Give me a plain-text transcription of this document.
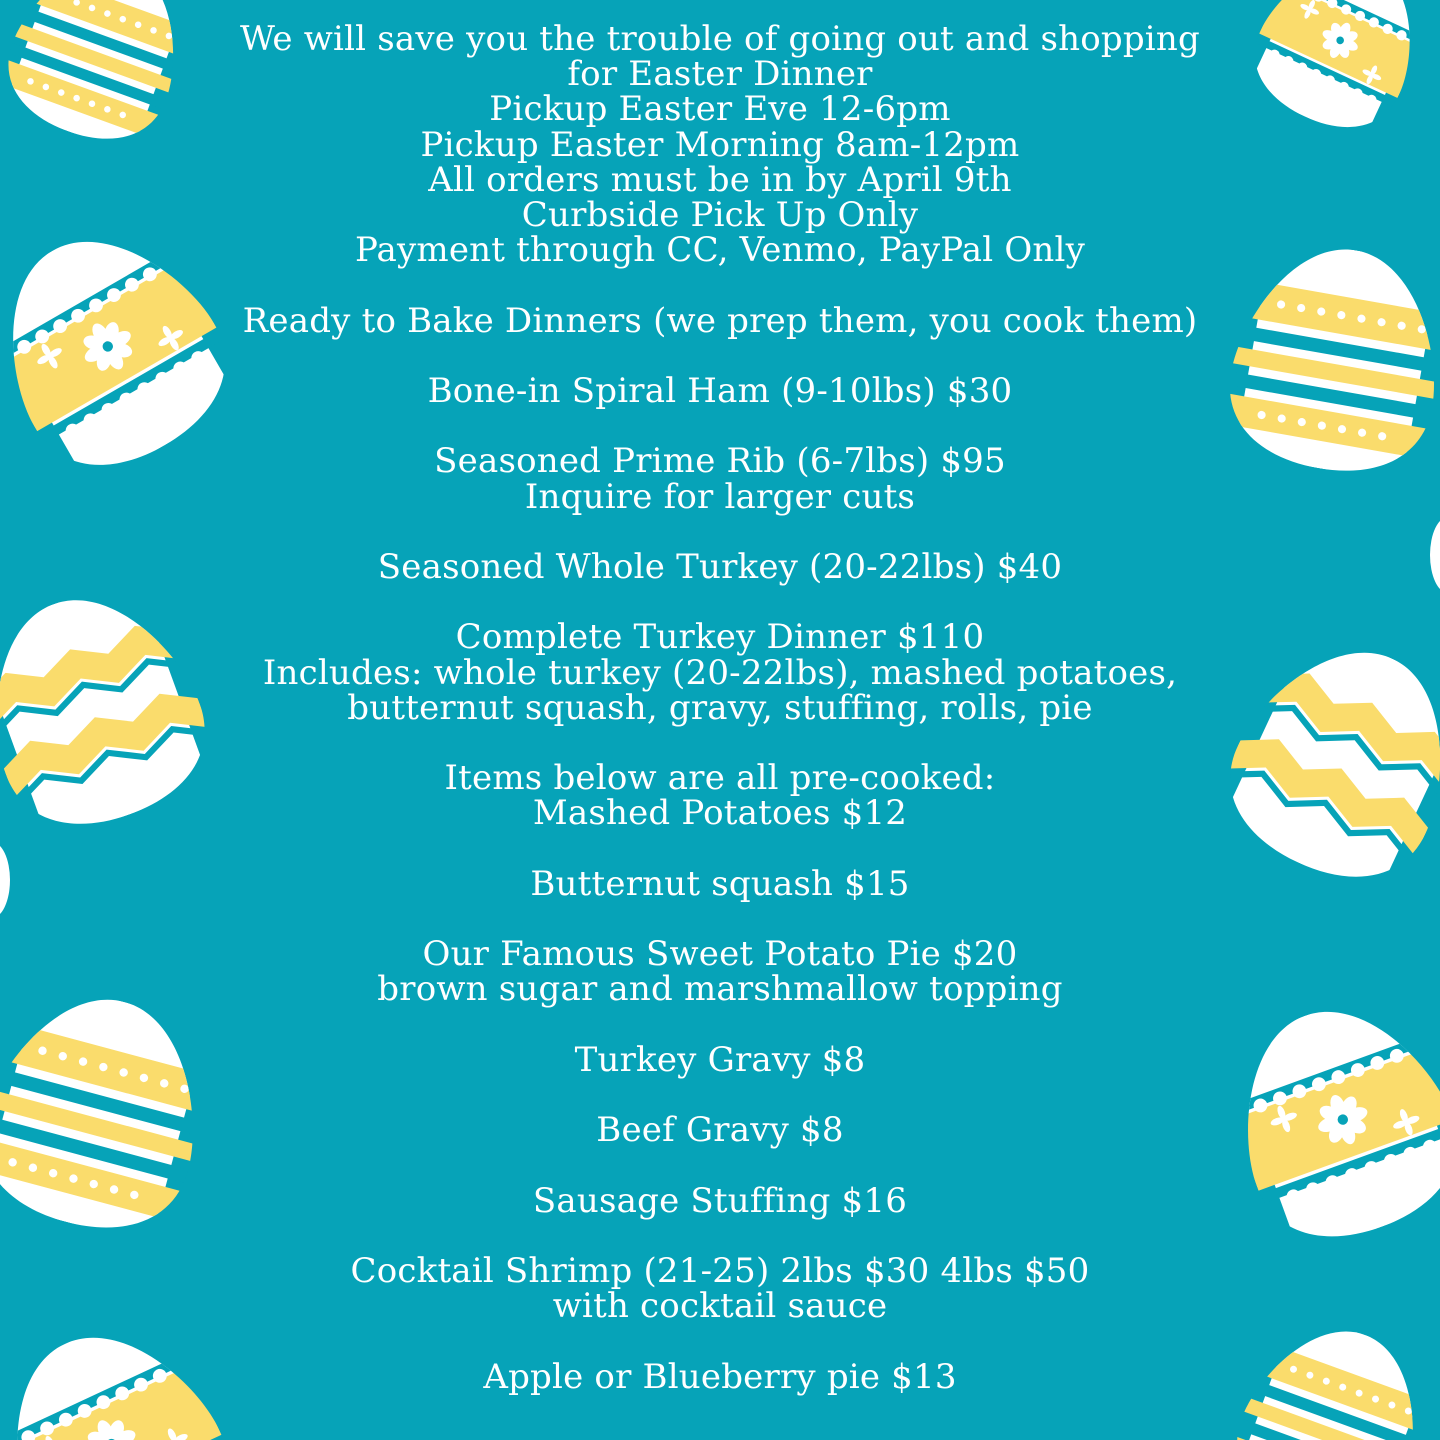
We will save you the trouble of going out and shopping
for Easter Dinner
Pickup Easter Eve 12-6pm
Pickup Easter Morning 8am-12pm
All orders must be in by April 9th
Curbside Pick Up Only
Payment through CC, Venmo, PayPal Only
Ready to Bake Dinners (we prep them, you cook them)
Bone-in Spiral Ham (9-10lbs) $30
Seasoned Prime Rib (6-7lbs) $95
Inquire for larger cuts
Seasoned Whole Turkey (20-22lbs) $40
Complete Turkey Dinner $110
Includes: whole turkey (20-22lbs), mashed potatoes,
butternut squash, gravy, stuffing, rolls, pie
Items below are all pre-cooked:
Mashed Potatoes $12
Butternut squash $15
Our Famous Sweet Potato Pie $20
brown sugar and marshmallow topping
Turkey Gravy $8
Beef Gravy $8
Sausage Stuffing $16
Cocktail Shrimp (21-25) 2lbs $30 4lbs $50
with cocktail sauce
Apple or Blueberry pie $13
